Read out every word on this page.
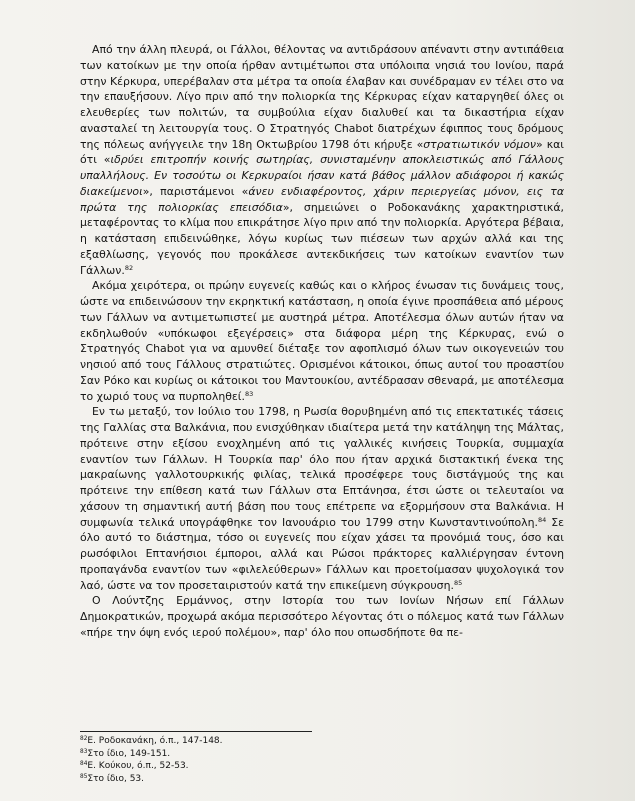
Από την άλλη πλευρά, οι Γάλλοι, θέλοντας να αντιδράσουν απέναντι στην αντιπάθεια των κατοίκων με την οποία ήρθαν αντιμέτωποι στα υπόλοιπα νησιά του Ιονίου, παρά στην Κέρκυρα, υπερέβαλαν στα μέτρα τα οποία έλαβαν και συνέδραμαν εν τέλει στο να την επαυξήσουν. Λίγο πριν από την πολιορκία της Κέρκυρας είχαν καταργηθεί όλες οι ελευθερίες των πολιτών, τα συμβούλια είχαν διαλυθεί και τα δικαστήρια είχαν ανασταλεί τη λειτουργία τους. Ο Στρατηγός Chabot διατρέχων έφιππος τους δρόμους της πόλεως ανήγγειλε την 18η Οκτωβρίου 1798 ότι κήρυξε «στρατιωτικόν νόμον» και ότι «ιδρύει επιτροπήν κοινής σωτηρίας, συνισταμένην αποκλειστικώς από Γάλλους υπαλλήλους. Εν τοσούτω οι Κερκυραίοι ήσαν κατά βάθος μάλλον αδιάφοροι ή κακώς διακείμενοι», παριστάμενοι «άνευ ενδιαφέροντος, χάριν περιεργείας μόνον, εις τα πρώτα της πολιορκίας επεισόδια», σημειώνει ο Ροδοκανάκης χαρακτηριστικά, μεταφέροντας το κλίμα που επικράτησε λίγο πριν από την πολιορκία. Αργότερα βέβαια, η κατάσταση επιδεινώθηκε, λόγω κυρίως των πιέσεων των αρχών αλλά και της εξαθλίωσης, γεγονός που προκάλεσε αντεκδικήσεις των κατοίκων εναντίον των Γάλλων.$^{82}$

Ακόμα χειρότερα, οι πρώην ευγενείς καθώς και ο κλήρος ένωσαν τις δυνάμεις τους, ώστε να επιδεινώσουν την εκρηκτική κατάσταση, η οποία έγινε προσπάθεια από μέρους των Γάλλων να αντιμετωπιστεί με αυστηρά μέτρα. Αποτέλεσμα όλων αυτών ήταν να εκδηλωθούν «υπόκωφοι εξεγέρσεις» στα διάφορα μέρη της Κέρκυρας, ενώ ο Στρατηγός Chabot για να αμυνθεί διέταξε τον αφοπλισμό όλων των οικογενειών του νησιού από τους Γάλλους στρατιώτες. Ορισμένοι κάτοικοι, όπως αυτοί του προαστίου Σαν Ρόκο και κυρίως οι κάτοικοι του Μαντουκίου, αντέδρασαν σθεναρά, με αποτέλεσμα το χωριό τους να πυρποληθεί.$^{83}$

Εν τω μεταξύ, τον Ιούλιο του 1798, η Ρωσία θορυβημένη από τις επεκτατικές τάσεις της Γαλλίας στα Βαλκάνια, που ενισχύθηκαν ιδιαίτερα μετά την κατάληψη της Μάλτας, πρότεινε στην εξίσου ενοχλημένη από τις γαλλικές κινήσεις Τουρκία, συμμαχία εναντίον των Γάλλων. Η Τουρκία παρ' όλο που ήταν αρχικά διστακτική ένεκα της μακραίωνης γαλλοτουρκικής φιλίας, τελικά προσέφερε τους διστάγμούς της και πρότεινε την επίθεση κατά των Γάλλων στα Επτάνησα, έτσι ώστε οι τελευταίοι να χάσουν τη σημαντική αυτή βάση που τους επέτρεπε να εξορμήσουν στα Βαλκάνια. Η συμφωνία τελικά υπογράφθηκε τον Ιανουάριο του 1799 στην Κωνσταντινούπολη.$^{84}$ Σε όλο αυτό το διάστημα, τόσο οι ευγενείς που είχαν χάσει τα προνόμιά τους, όσο και ρωσόφιλοι Επτανήσιοι έμποροι, αλλά και Ρώσοι πράκτορες καλλιέργησαν έντονη προπαγάνδα εναντίον των «φιλελεύθερων» Γάλλων και προετοίμασαν ψυχολογικά τον λαό, ώστε να τον προσεταιριστούν κατά την επικείμενη σύγκρουση.$^{85}$

Ο Λούντζης Ερμάννος, στην Ιστορία του των Ιονίων Νήσων επί Γάλλων Δημοκρατικών, προχωρά ακόμα περισσότερο λέγοντας ότι ο πόλεμος κατά των Γάλλων «πήρε την όψη ενός ιερού πολέμου», παρ' όλο που οπωσδήποτε θα πε-

$^{82}$Ε. Ροδοκανάκη, ό.π., 147-148.
$^{83}$Στο ίδιο, 149-151.
$^{84}$Ε. Κούκου, ό.π., 52-53.
$^{85}$Στο ίδιο, 53.
